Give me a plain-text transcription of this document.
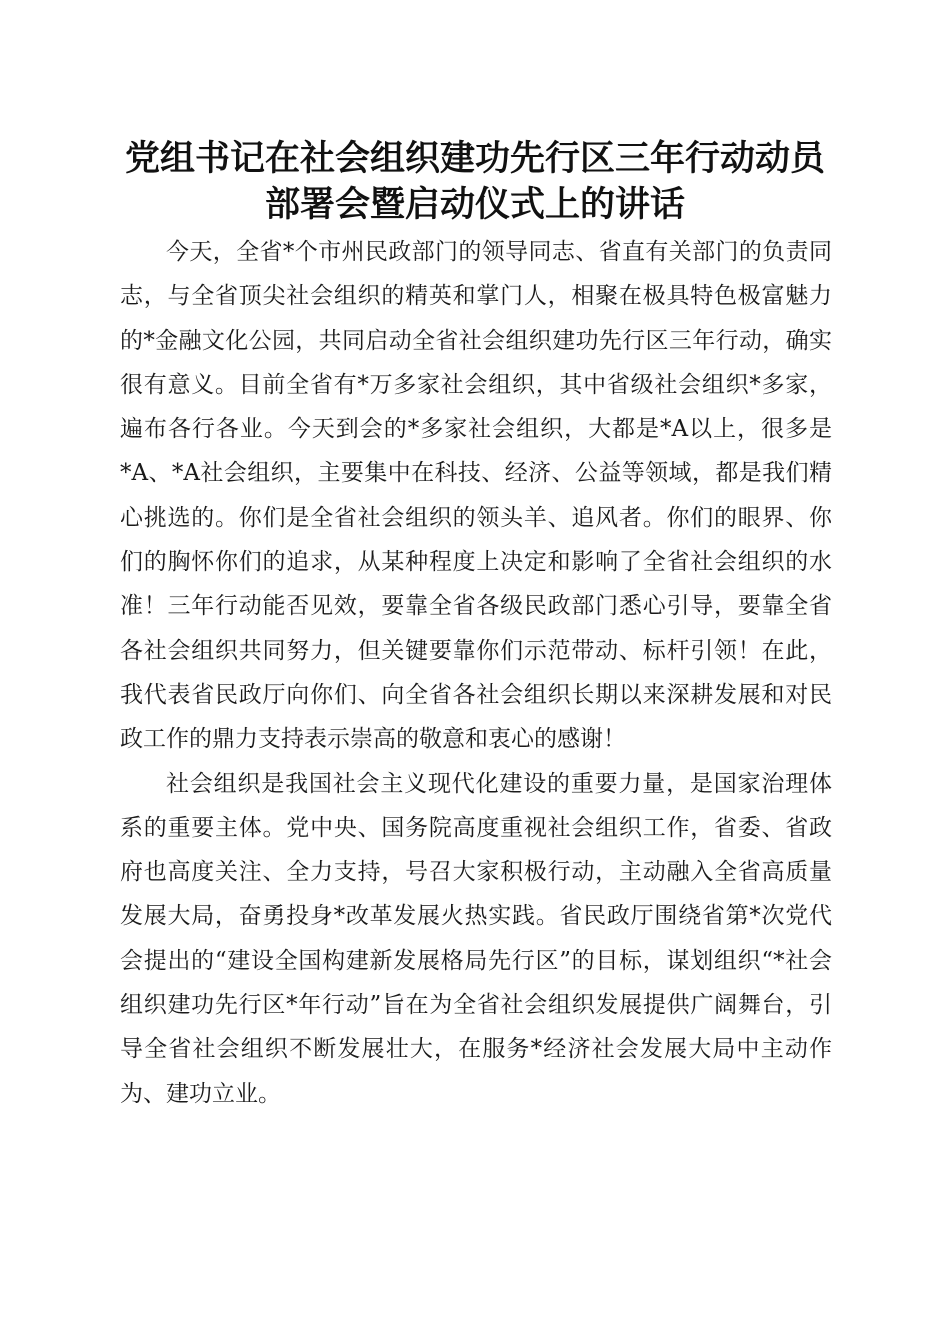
党组书记在社会组织建功先行区三年行动动员
部署会暨启动仪式上的讲话

今天，全省*个市州民政部门的领导同志、省直有关部门的负责同志，与全省顶尖社会组织的精英和掌门人，相聚在极具特色极富魅力的*金融文化公园，共同启动全省社会组织建功先行区三年行动，确实很有意义。目前全省有*万多家社会组织，其中省级社会组织*多家，遍布各行各业。今天到会的*多家社会组织，大都是*A以上，很多是*A、*A社会组织，主要集中在科技、经济、公益等领域，都是我们精心挑选的。你们是全省社会组织的领头羊、追风者。你们的眼界、你们的胸怀你们的追求，从某种程度上决定和影响了全省社会组织的水准！三年行动能否见效，要靠全省各级民政部门悉心引导，要靠全省各社会组织共同努力，但关键要靠你们示范带动、标杆引领！在此，我代表省民政厅向你们、向全省各社会组织长期以来深耕发展和对民政工作的鼎力支持表示崇高的敬意和衷心的感谢！

社会组织是我国社会主义现代化建设的重要力量，是国家治理体系的重要主体。党中央、国务院高度重视社会组织工作，省委、省政府也高度关注、全力支持，号召大家积极行动，主动融入全省高质量发展大局，奋勇投身*改革发展火热实践。省民政厅围绕省第*次党代会提出的“建设全国构建新发展格局先行区”的目标，谋划组织“*社会组织建功先行区*年行动”旨在为全省社会组织发展提供广阔舞台，引导全省社会组织不断发展壮大，在服务*经济社会发展大局中主动作为、建功立业。
